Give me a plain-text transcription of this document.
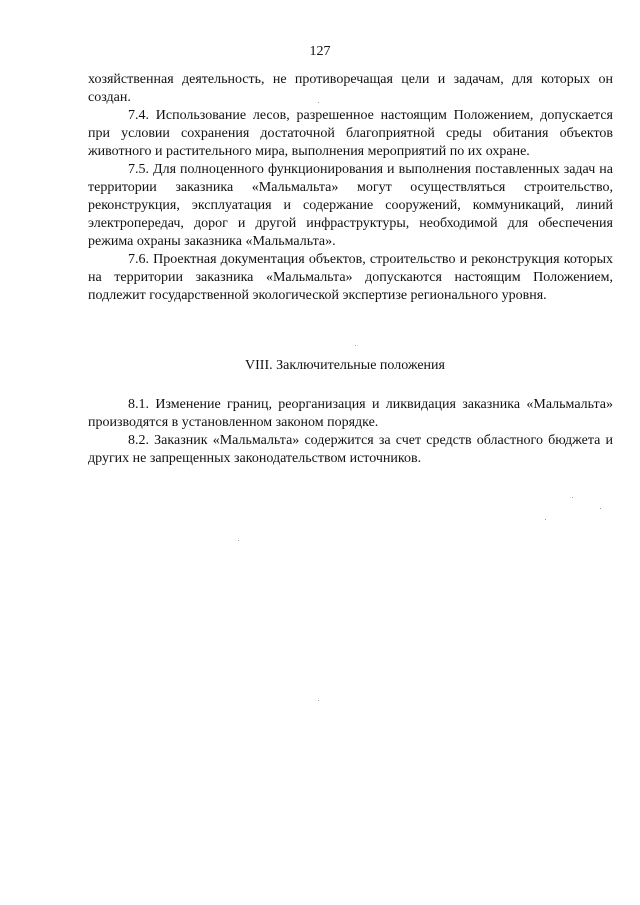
127

хозяйственная деятельность, не противоречащая цели и задачам, для которых он создан.

7.4. Использование лесов, разрешенное настоящим Положением, допускается при условии сохранения достаточной благоприятной среды обитания объектов животного и растительного мира, выполнения мероприятий по их охране.

7.5. Для полноценного функционирования и выполнения поставленных задач на территории заказника «Мальмальта» могут осуществляться строительство, реконструкция, эксплуатация и содержание сооружений, коммуникаций, линий электропередач, дорог и другой инфраструктуры, необходимой для обеспечения режима охраны заказника «Мальмальта».

7.6. Проектная документация объектов, строительство и реконструкция которых на территории заказника «Мальмальта» допускаются настоящим Положением, подлежит государственной экологической экспертизе регионального уровня.

VIII. Заключительные положения

8.1. Изменение границ, реорганизация и ликвидация заказника «Мальмальта» производятся в установленном законом порядке.

8.2. Заказник «Мальмальта» содержится за счет средств областного бюджета и других не запрещенных законодательством источников.
